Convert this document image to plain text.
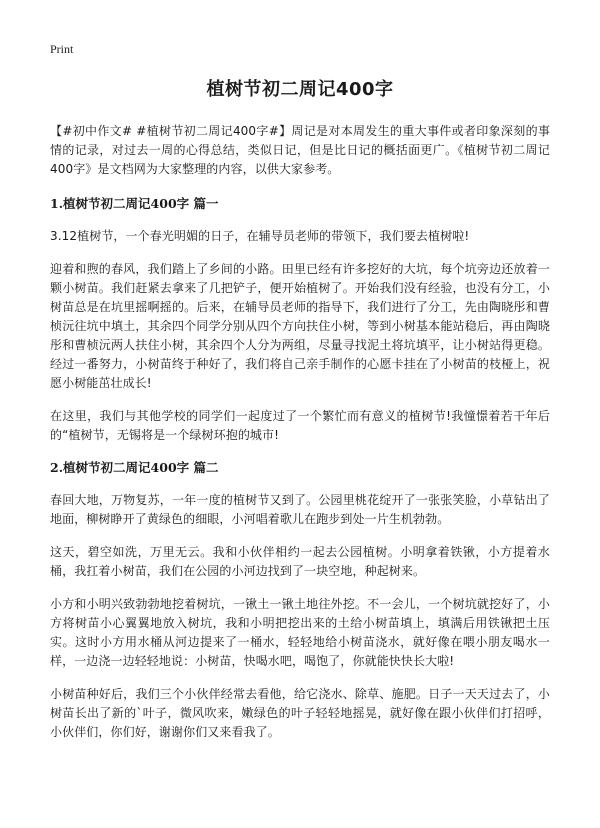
Print
植树节初二周记400字

【#初中作文# #植树节初二周记400字#】周记是对本周发生的重大事件或者印象深刻的事情的记录，对过去一周的心得总结，类似日记，但是比日记的概括面更广。《植树节初二周记400字》是文档网为大家整理的内容，以供大家参考。

1.植树节初二周记400字 篇一

3.12植树节，一个春光明媚的日子，在辅导员老师的带领下，我们要去植树啦!

迎着和煦的春风，我们踏上了乡间的小路。田里已经有许多挖好的大坑，每个坑旁边还放着一颗小树苗。我们赶紧去拿来了几把铲子，便开始植树了。开始我们没有经验，也没有分工，小树苗总是在坑里摇啊摇的。后来，在辅导员老师的指导下，我们进行了分工，先由陶晓彤和曹桢沅往坑中填土，其余四个同学分别从四个方向扶住小树，等到小树基本能站稳后，再由陶晓彤和曹桢沅两人扶住小树，其余四个人分为两组，尽量寻找泥土将坑填平，让小树站得更稳。经过一番努力，小树苗终于种好了，我们将自己亲手制作的心愿卡挂在了小树苗的枝桠上，祝愿小树能茁壮成长!

在这里，我们与其他学校的同学们一起度过了一个繁忙而有意义的植树节!我憧憬着若干年后的“植树节，无锡将是一个绿树环抱的城市!

2.植树节初二周记400字 篇二

春回大地，万物复苏，一年一度的植树节又到了。公园里桃花绽开了一张张笑脸，小草钻出了地面，柳树睁开了黄绿色的细眼，小河唱着歌儿在跑步到处一片生机勃勃。

这天，碧空如洗，万里无云。我和小伙伴相约一起去公园植树。小明拿着铁锹，小方提着水桶，我扛着小树苗，我们在公园的小河边找到了一块空地，种起树来。

小方和小明兴致勃勃地挖着树坑，一锹土一锹土地往外挖。不一会儿，一个树坑就挖好了，小方将树苗小心翼翼地放入树坑，我和小明把挖出来的土给小树苗填上，填满后用铁锹把土压实。这时小方用水桶从河边提来了一桶水，轻轻地给小树苗浇水，就好像在喂小朋友喝水一样，一边浇一边轻轻地说：小树苗，快喝水吧，喝饱了，你就能快快长大啦!

小树苗种好后，我们三个小伙伴经常去看他，给它浇水、除草、施肥。日子一天天过去了，小树苗长出了新的`叶子，微风吹来，嫩绿色的叶子轻轻地摇晃，就好像在跟小伙伴们打招呼，小伙伴们，你们好，谢谢你们又来看我了。
